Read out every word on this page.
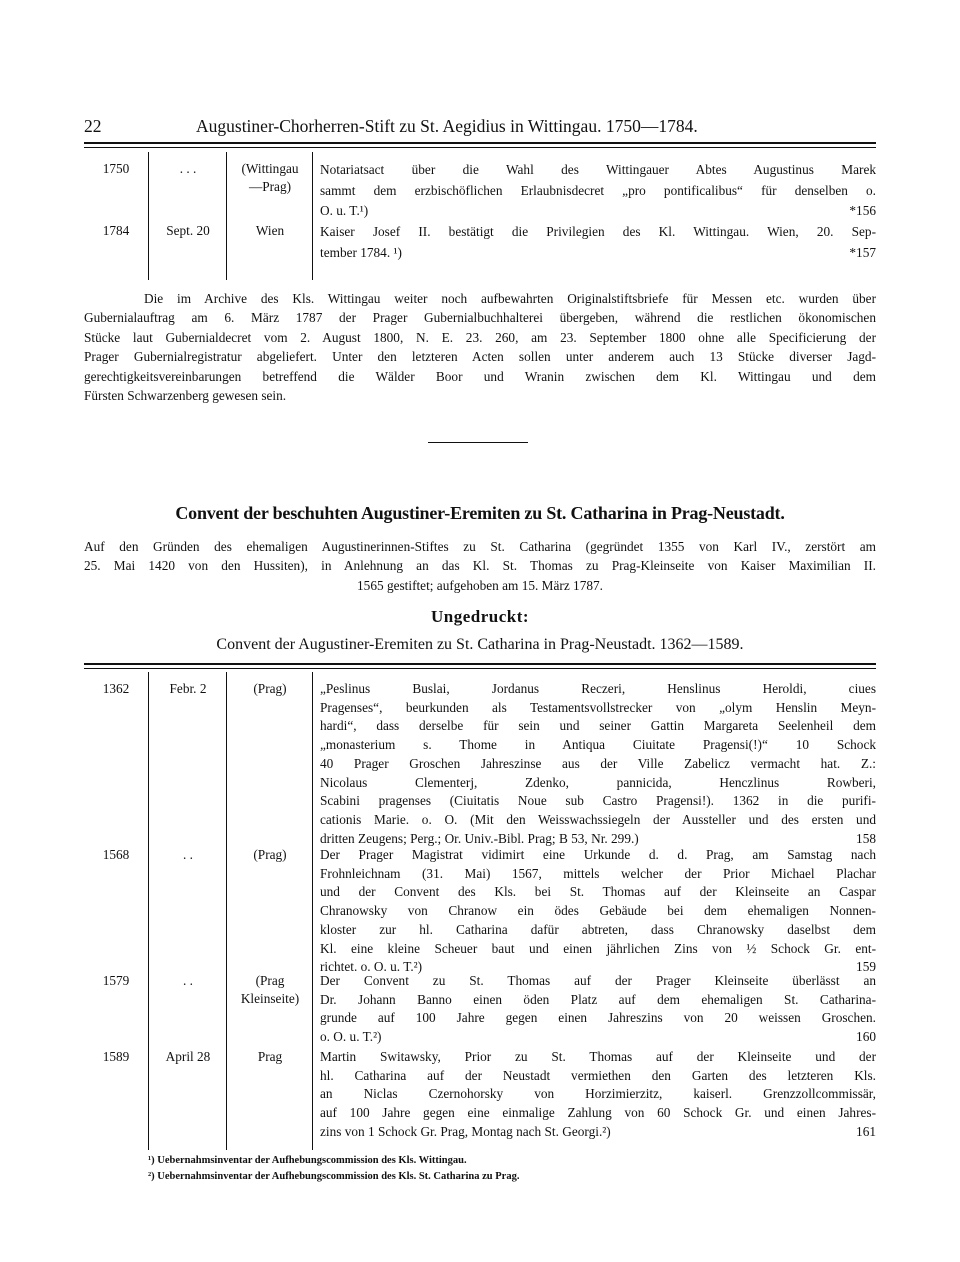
22	Augustiner-Chorherren-Stift zu St. Aegidius in Wittingau. 1750—1784.
1750	. . .	(Wittingau
—Prag)
Notariatsact über die Wahl des Wittingauer Abtes Augustinus Marek
sammt dem erzbischöflichen Erlaubnisdecret „pro pontificalibus“ für denselben o.
O. u. T.¹)	*156
1784	Sept. 20	Wien	Kaiser Josef II. bestätigt die Privilegien des Kl. Wittingau. Wien, 20. Sep-
tember 1784. ¹)	*157
Die im Archive des Kls. Wittingau weiter noch aufbewahrten Originalstiftsbriefe für Messen etc. wurden über
Gubernialauftrag am 6. März 1787 der Prager Gubernialbuchhalterei übergeben, während die restlichen ökonomischen
Stücke laut Gubernialdecret vom 2. August 1800, N. E. 23. 260, am 23. September 1800 ohne alle Specificierung der
Prager Gubernialregistratur abgeliefert. Unter den letzteren Acten sollen unter anderem auch 13 Stücke diverser Jagd-
gerechtigkeitsvereinbarungen betreffend die Wälder Boor und Wranin zwischen dem Kl. Wittingau und dem
Fürsten Schwarzenberg gewesen sein.
Convent der beschuhten Augustiner-Eremiten zu St. Catharina in Prag-Neustadt.
Auf den Gründen des ehemaligen Augustinerinnen-Stiftes zu St. Catharina (gegründet 1355 von Karl IV., zerstört am
25. Mai 1420 von den Hussiten), in Anlehnung an das Kl. St. Thomas zu Prag-Kleinseite von Kaiser Maximilian II.
1565 gestiftet; aufgehoben am 15. März 1787.
Ungedruckt:
Convent der Augustiner-Eremiten zu St. Catharina in Prag-Neustadt. 1362—1589.
1362	Febr. 2	(Prag)	„Peslinus Buslai, Jordanus Reczeri, Henslinus Heroldi, ciues
Pragenses“, beurkunden als Testamentsvollstrecker von „olym Henslin Meyn-
hardi“, dass derselbe für sein und seiner Gattin Margareta Seelenheil dem
„monasterium s. Thome in Antiqua Ciuitate Pragensi(!)“ 10 Schock
40 Prager Groschen Jahreszinse aus der Ville Zabelicz vermacht hat. Z.:
Nicolaus Clementerj, Zdenko, pannicida, Henczlinus Rowberi,
Scabini pragenses (Ciuitatis Noue sub Castro Pragensi!). 1362 in die purifi-
cationis Marie. o. O. (Mit den Weisswachssiegeln der Aussteller und des ersten und
dritten Zeugens; Perg.; Or. Univ.-Bibl. Prag; B 53, Nr. 299.)	158
1568	. .	(Prag)	Der Prager Magistrat vidimirt eine Urkunde d. d. Prag, am Samstag nach
Frohnleichnam (31. Mai) 1567, mittels welcher der Prior Michael Plachar
und der Convent des Kls. bei St. Thomas auf der Kleinseite an Caspar
Chranowsky von Chranow ein ödes Gebäude bei dem ehemaligen Nonnen-
kloster zur hl. Catharina dafür abtreten, dass Chranowsky daselbst dem
Kl. eine kleine Scheuer baut und einen jährlichen Zins von ½ Schock Gr. ent-
richtet. o. O. u. T.²)	159
1579	. .	(Prag
Kleinseite)
Der Convent zu St. Thomas auf der Prager Kleinseite überlässt an
Dr. Johann Banno einen öden Platz auf dem ehemaligen St. Catharina-
grunde auf 100 Jahre gegen einen Jahreszins von 20 weissen Groschen.
o. O. u. T.²)	160
1589	April 28	Prag	Martin Switawsky, Prior zu St. Thomas auf der Kleinseite und der
hl. Catharina auf der Neustadt vermiethen den Garten des letzteren Kls.
an Niclas Czernohorsky von Horzimierzitz, kaiserl. Grenzzollcommissär,
auf 100 Jahre gegen eine einmalige Zahlung von 60 Schock Gr. und einen Jahres-
zins von 1 Schock Gr. Prag, Montag nach St. Georgi.²)	161
¹) Uebernahmsinventar der Aufhebungscommission des Kls. Wittingau.
²) Uebernahmsinventar der Aufhebungscommission des Kls. St. Catharina zu Prag.
